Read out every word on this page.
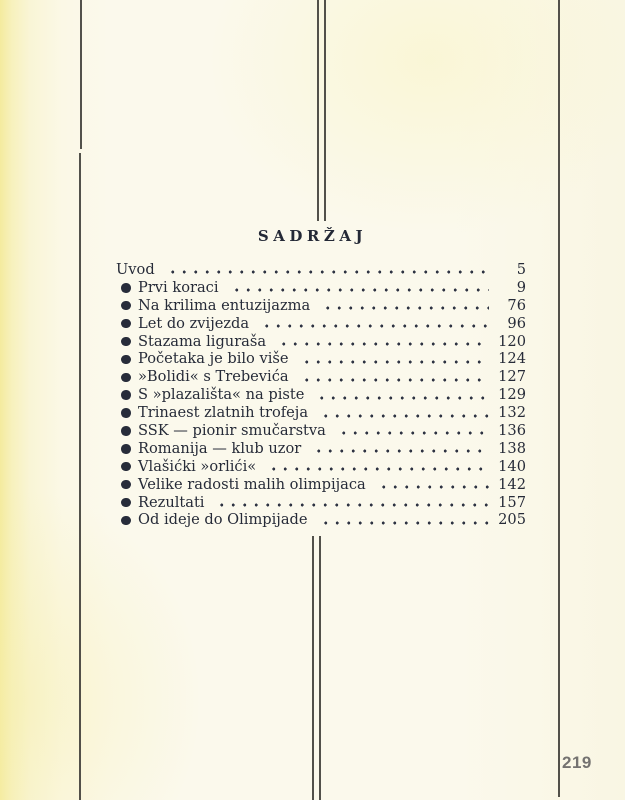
SADRŽAJ
Uvod	5
Prvi koraci	9
Na krilima entuzijazma	76
Let do zvijezda	96
Stazama liguraša	120
Početaka je bilo više	124
»Bolidi« s Trebevića	127
S »plazališta« na piste	129
Trinaest zlatnih trofeja	132
SSK — pionir smučarstva	136
Romanija — klub uzor	138
Vlašićki »orlići«	140
Velike radosti malih olimpijaca	142
Rezultati	157
Od ideje do Olimpijade	205
219
